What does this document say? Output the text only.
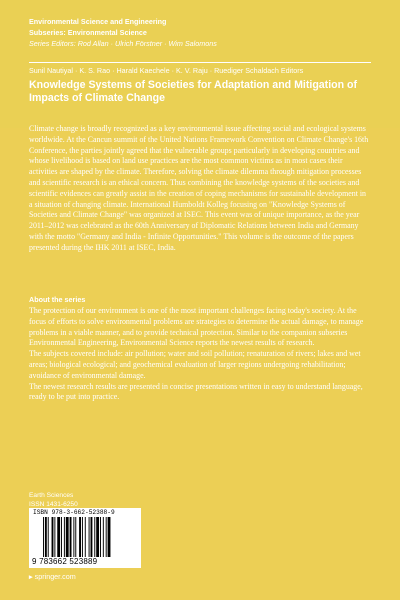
Environmental Science and Engineering
Subseries: Environmental Science
Series Editors: Rod Allan · Ulrich Förstner · Wim Salomons
Sunil Nautiyal · K. S. Rao · Harald Kaechele · K. V. Raju · Ruediger Schaldach Editors
Knowledge Systems of Societies for Adaptation and Mitigation of Impacts of Climate Change
Climate change is broadly recognized as a key environmental issue affecting social and ecological systems worldwide. At the Cancun summit of the United Nations Framework Convention on Climate Change's 16th Conference, the parties jointly agreed that the vulnerable groups particularly in developing countries and whose livelihood is based on land use practices are the most common victims as in most cases their activities are shaped by the climate. Therefore, solving the climate dilemma through mitigation processes and scientific research is an ethical concern. Thus combining the knowledge systems of the societies and scientific evidences can greatly assist in the creation of coping mechanisms for sustainable development in a situation of changing climate. International Humboldt Kolleg focusing on "Knowledge Systems of Societies and Climate Change" was organized at ISEC. This event was of unique importance, as the year 2011–2012 was celebrated as the 60th Anniversary of Diplomatic Relations between India and Germany with the motto "Germany and India - Infinite Opportunities." This volume is the outcome of the papers presented during the IHK 2011 at ISEC, India.
About the series

The protection of our environment is one of the most important challenges facing today's society. At the focus of efforts to solve environmental problems are strategies to determine the actual damage, to manage problems in a viable manner, and to provide technical protection. Similar to the companion subseries Environmental Engineering, Environmental Science reports the newest results of research.

The subjects covered include: air pollution; water and soil pollution; renaturation of rivers; lakes and wet areas; biological ecological; and geochemical evaluation of larger regions undergoing rehabilitation; avoidance of environmental damage.

The newest research results are presented in concise presentations written in easy to understand language, ready to be put into practice.

Earth Sciences
ISSN 1431-6250
ISBN 978-3-662-52388-9
9 783662 523889
▸ springer.com
